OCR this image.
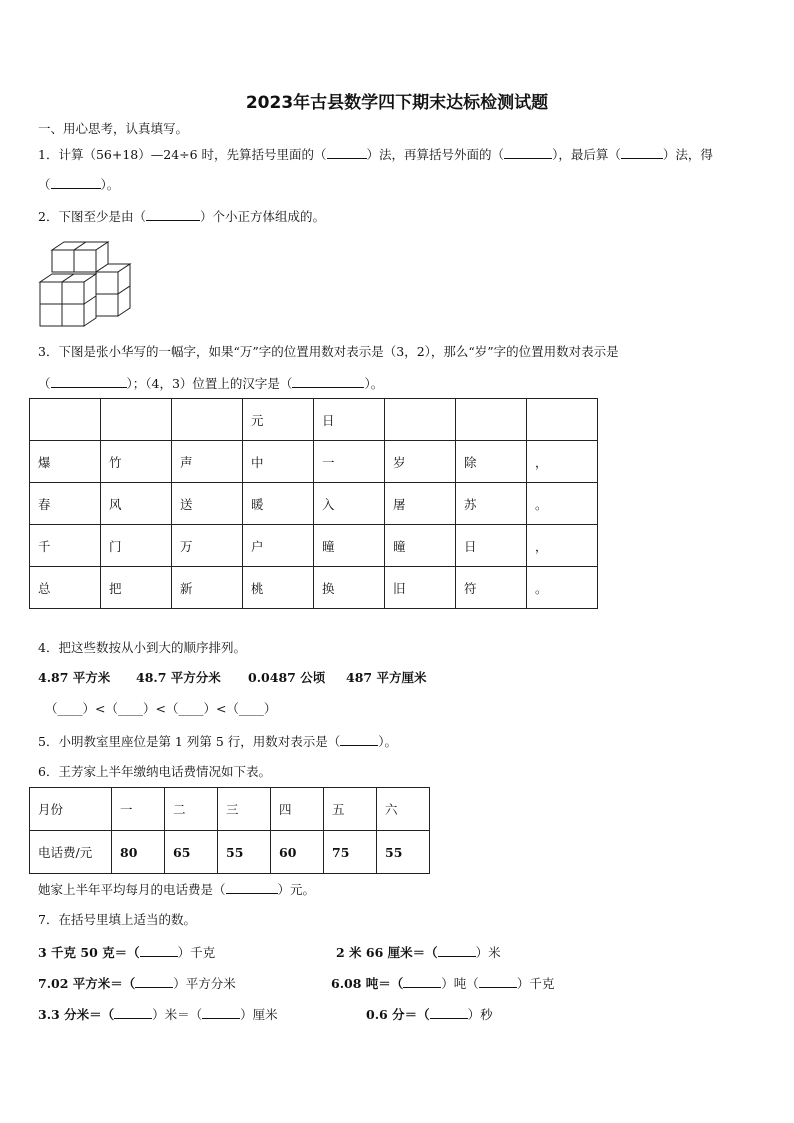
2023年古县数学四下期末达标检测试题
一、用心思考，认真填写。
1．计算（56+18）—24÷6 时，先算括号里面的（	）法，再算括号外面的（	），最后算（	）法，得
（	）。
2．下图至少是由（	）个小正方体组成的。
3．下图是张小华写的一幅字，如果“万”字的位置用数对表示是（3，2），那么“岁”字的位置用数对表示是
（	）；（4，3）位置上的汉字是（	）。
			元	日			
爆	竹	声	中	一	岁	除	，
春	风	送	暖	入	屠	苏	。
千	门	万	户	曈	曈	日	，
总	把	新	桃	换	旧	符	。
4．把这些数按从小到大的顺序排列。
4.87 平方米 48.7 平方分米 0.0487 公顷 487 平方厘米
（____）<（____）<（____）<（____）
5．小明教室里座位是第 1 列第 5 行，用数对表示是（	）。
6．王芳家上半年缴纳电话费情况如下表。
月份	一	二	三	四	五	六
电话费/元	80	65	55	60	75	55
她家上半年平均每月的电话费是（	）元。
7．在括号里填上适当的数。
3 千克 50 克＝（	）千克	2 米 66 厘米＝（	）米
7.02 平方米＝（	）平方分米	6.08 吨＝（	）吨（	）千克
3.3 分米＝（	）米＝（	）厘米	0.6 分＝（	）秒
